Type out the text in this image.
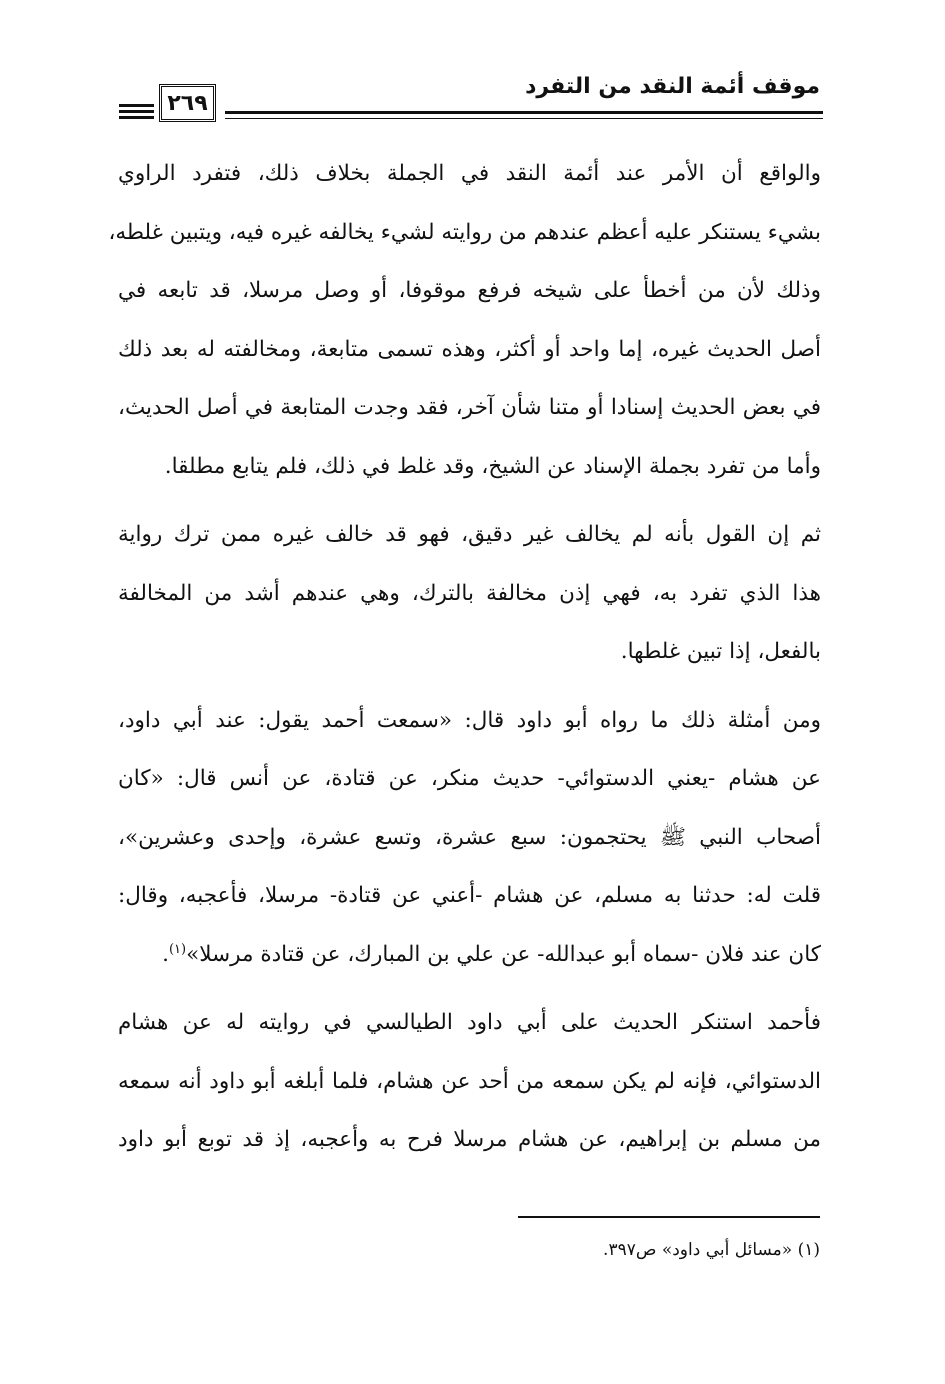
موقف أئمة النقد من التفرد
٢٦٩
والواقع أن الأمر عند أئمة النقد في الجملة بخلاف ذلك، فتفرد الراوي
بشيء يستنكر عليه أعظم عندهم من روايته لشيء يخالفه غيره فيه، ويتبين غلطه،
وذلك لأن من أخطأ على شيخه فرفع موقوفا، أو وصل مرسلا، قد تابعه في
أصل الحديث غيره، إما واحد أو أكثر، وهذه تسمى متابعة، ومخالفته له بعد ذلك
في بعض الحديث إسنادا أو متنا شأن آخر، فقد وجدت المتابعة في أصل الحديث،
وأما من تفرد بجملة الإسناد عن الشيخ، وقد غلط في ذلك، فلم يتابع مطلقا.
ثم إن القول بأنه لم يخالف غير دقيق، فهو قد خالف غيره ممن ترك رواية
هذا الذي تفرد به، فهي إذن مخالفة بالترك، وهي عندهم أشد من المخالفة
بالفعل، إذا تبين غلطها.
ومن أمثلة ذلك ما رواه أبو داود قال: «سمعت أحمد يقول: عند أبي داود،
عن هشام -يعني الدستوائي- حديث منكر، عن قتادة، عن أنس قال: «كان
أصحاب النبي ﷺ يحتجمون: سبع عشرة، وتسع عشرة، وإحدى وعشرين»،
قلت له: حدثنا به مسلم، عن هشام -أعني عن قتادة- مرسلا، فأعجبه، وقال:
كان عند فلان -سماه أبو عبدالله- عن علي بن المبارك، عن قتادة مرسلا»$^{(١)}$.
فأحمد استنكر الحديث على أبي داود الطيالسي في روايته له عن هشام
الدستوائي، فإنه لم يكن سمعه من أحد عن هشام، فلما أبلغه أبو داود أنه سمعه
من مسلم بن إبراهيم، عن هشام مرسلا فرح به وأعجبه، إذ قد توبع أبو داود
(١) «مسائل أبي داود» ص٣٩٧.
